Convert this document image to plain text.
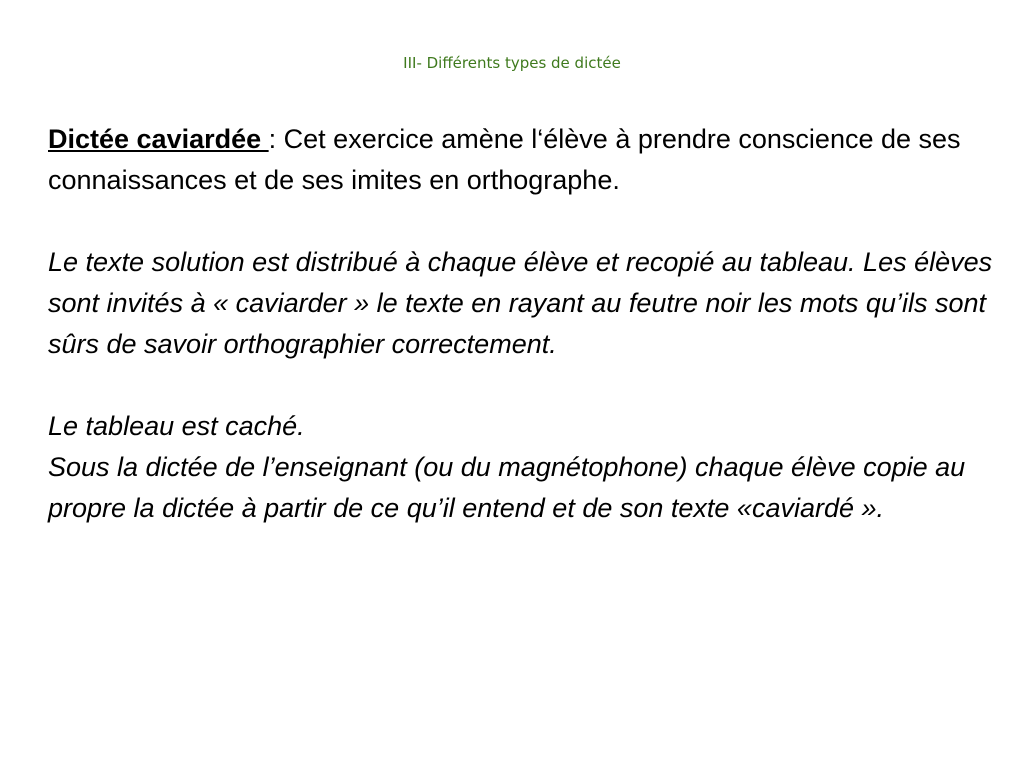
III- Différents types de dictée

Dictée caviardée : Cet exercice amène l‘élève à prendre conscience de ses connaissances et de ses imites en orthographe.

Le texte solution est distribué à chaque élève et recopié au tableau. Les élèves sont invités à « caviarder » le texte en rayant au feutre noir les mots qu’ils sont sûrs de savoir orthographier correctement.

Le tableau est caché.

Sous la dictée de l’enseignant (ou du magnétophone) chaque élève copie au propre la dictée à partir de ce qu’il entend et de son texte «caviardé ».
